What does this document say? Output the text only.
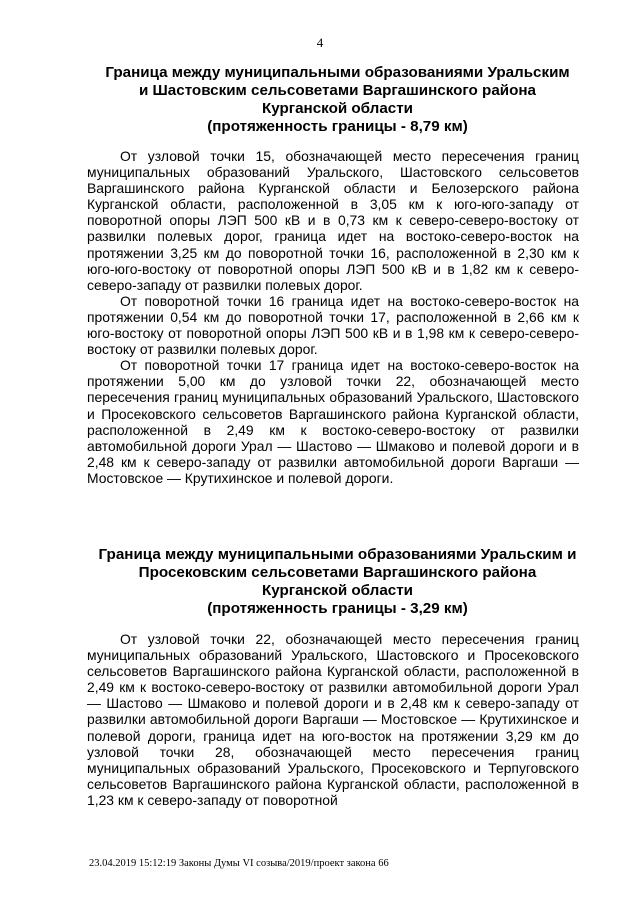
4
Граница между муниципальными образованиями Уральским
и Шастовским сельсоветами Варгашинского района
Курганской области
(протяженность границы - 8,79 км)

От узловой точки 15, обозначающей место пересечения границ муниципальных образований Уральского, Шастовского сельсоветов Варгашинского района Курганской области и Белозерского района Курганской области, расположенной в 3,05 км к юго-юго-западу от поворотной опоры ЛЭП 500 кВ и в 0,73 км к северо-северо-востоку от развилки полевых дорог, граница идет на востоко-северо-восток на протяжении 3,25 км до поворотной точки 16, расположенной в 2,30 км к юго-юго-востоку от поворотной опоры ЛЭП 500 кВ и в 1,82 км к северо-северо-западу от развилки полевых дорог.

От поворотной точки 16 граница идет на востоко-северо-восток на протяжении 0,54 км до поворотной точки 17, расположенной в 2,66 км к юго-востоку от поворотной опоры ЛЭП 500 кВ и в 1,98 км к северо-северо-востоку от развилки полевых дорог.

От поворотной точки 17 граница идет на востоко-северо-восток на протяжении 5,00 км до узловой точки 22, обозначающей место пересечения границ муниципальных образований Уральского, Шастовского и Просековского сельсоветов Варгашинского района Курганской области, расположенной в 2,49 км к востоко-северо-востоку от развилки автомобильной дороги Урал — Шастово — Шмаково и полевой дороги и в 2,48 км к северо-западу от развилки автомобильной дороги Варгаши — Мостовское — Крутихинское и полевой дороги.

Граница между муниципальными образованиями Уральским и
Просековским сельсоветами Варгашинского района
Курганской области
(протяженность границы - 3,29 км)

От узловой точки 22, обозначающей место пересечения границ муниципальных образований Уральского, Шастовского и Просековского сельсоветов Варгашинского района Курганской области, расположенной в 2,49 км к востоко-северо-востоку от развилки автомобильной дороги Урал — Шастово — Шмаково и полевой дороги и в 2,48 км к северо-западу от развилки автомобильной дороги Варгаши — Мостовское — Крутихинское и полевой дороги, граница идет на юго-восток на протяжении 3,29 км до узловой точки 28, обозначающей место пересечения границ муниципальных образований Уральского, Просековского и Терпуговского сельсоветов Варгашинского района Курганской области, расположенной в 1,23 км к северо-западу от поворотной

23.04.2019 15:12:19 Законы Думы VI созыва/2019/проект закона 66
